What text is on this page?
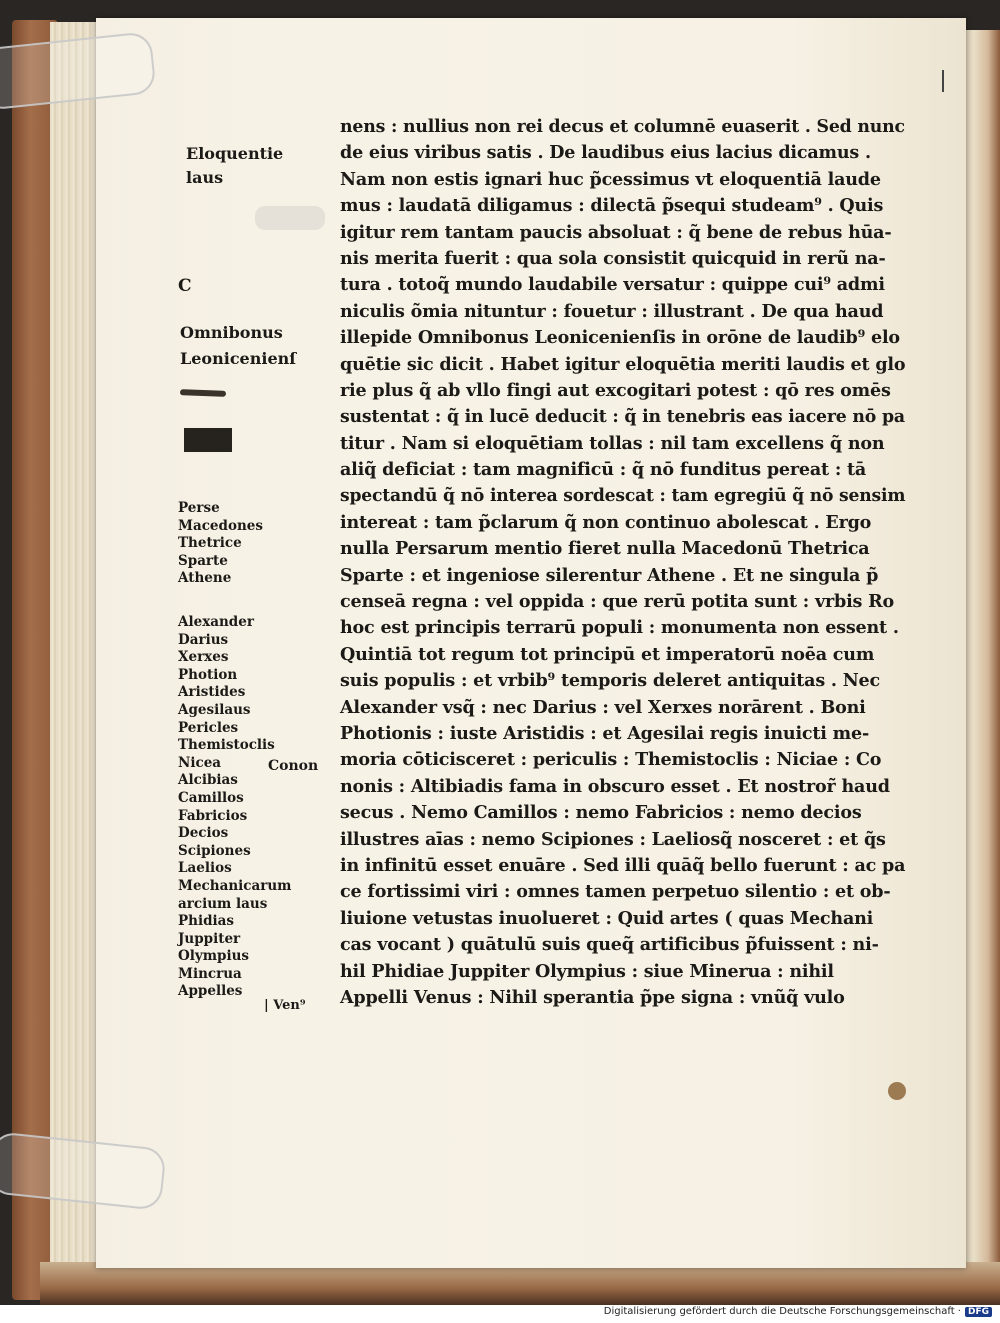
Eloquentie
laus
C
Omnibonus
Leonicenienſ
Perse
Macedones
Thetrice
Sparte
Athene
Alexander
Darius
Xerxes
Photion
Aristides
Agesilaus
Pericles
Themistoclis
Nicea
Alcibias
Camillos
Fabricios
Decios
Scipiones
Laelios
Mechanicarum
arcium laus
Phidias
Juppiter
Olympius
Mincrua
Appelles
Conon
| Ven⁹
nens : nullius non rei decus et columnē euaserit . Sed nunc
de eius viribus satis . De laudibus eius lacius dicamus .
Nam non estis ignari huc p̃cessimus vt eloquentiā laude
mus : laudatā diligamus : dilectā p̃sequi studeam⁹ . Quis
igitur rem tantam paucis absoluat : q̃ bene de rebus hūa-
nis merita fuerit : qua sola consistit quicquid in rerũ na-
tura . totoq̃ mundo laudabile versatur : quippe cui⁹ admi
niculis õmia nituntur : fouetur : illustrant . De qua haud
illepide Omnibonus Leonicenienſis in orōne de laudib⁹ elo
quētie sic dicit . Habet igitur eloquētia meriti laudis et glo
rie plus q̃ ab vllo fingi aut excogitari potest : qō res omēs
sustentat : q̃ in lucē deducit : q̃ in tenebris eas iacere nō pa
titur . Nam si eloquētiam tollas : nil tam excellens q̃ non
aliq̃ deficiat : tam magnificū : q̃ nō funditus pereat : tā
spectandū q̃ nō interea sordescat : tam egregiū q̃ nō sensim
intereat : tam p̃clarum q̃ non continuo abolescat . Ergo
nulla Persarum mentio fieret nulla Macedonū Thetrica
Sparte : et ingeniose silerentur Athene . Et ne singula p̃
censeā regna : vel oppida : que rerū potita sunt : vrbis Ro
hoc est principis terrarū populi : monumenta non essent .
Quintiā tot regum tot principū et imperatorū noēa cum
suis populis : et vrbib⁹ temporis deleret antiquitas . Nec
Alexander vsq̃ : nec Darius : vel Xerxes norārent . Boni
Photionis : iuste Aristidis : et Agesilai regis inuicti me-
moria cōticisceret : periculis : Themistoclis : Niciae : Co
nonis : Altibiadis fama in obscuro esset . Et nostror̃ haud
secus . Nemo Camillos : nemo Fabricios : nemo decios
illustres aīas : nemo Scipiones : Laeliosq̃ nosceret : et q̃s
in infinitū esset enuāre . Sed illi quāq̃ bello fuerunt : ac pa
ce fortissimi viri : omnes tamen perpetuo silentio : et ob-
liuione vetustas inuolueret : Quid artes ( quas Mechani
cas vocant ) quātulū suis queq̃ artificibus p̃fuissent : ni-
hil Phidiae Juppiter Olympius : siue Minerua : nihil
Appelli Venus : Nihil sperantia p̃pe signa : vnũq̃ vulo
Digitalisierung gefördert durch die Deutsche Forschungsgemeinschaft · DFG
